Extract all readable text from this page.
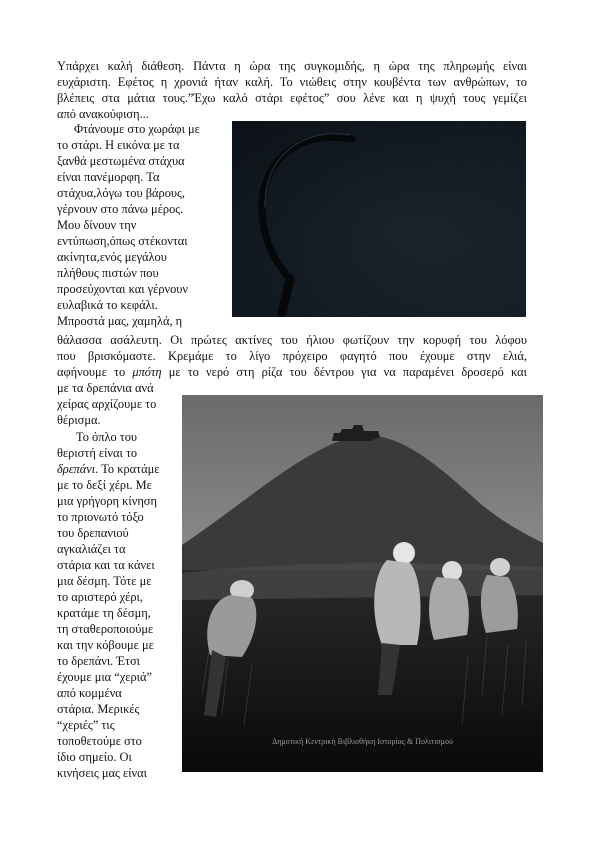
Υπάρχει καλή διάθεση. Πάντα η ώρα της συγκομιδής, η ώρα της πληρωμής είναι
ευχάριστη. Εφέτος η χρονιά ήταν καλή. Το νιώθεις στην κουβέντα των ανθρώπων, το
βλέπεις στα μάτια τους.”Έχω καλό στάρι εφέτος” σου λένε και η ψυχή τους γεμίζει
από ανακούφιση...
Φτάνουμε στο χωράφι με
το στάρι. Η εικόνα με τα
ξανθά μεστωμένα στάχυα
είναι πανέμορφη. Τα
στάχυα,λόγω του βάρους,
γέρνουν στο πάνω μέρος.
Μου δίνουν την
εντύπωση,όπως στέκονται
ακίνητα,ενός μεγάλου
πλήθους πιστών που
προσεύχονται και γέρνουν
ευλαβικά το κεφάλι.
Μπροστά μας, χαμηλά, η
θάλασσα ασάλευτη. Οι πρώτες ακτίνες του ήλιου φωτίζουν την κορυφή του λόφου
που βρισκόμαστε. Κρεμάμε το λίγο πρόχειρο φαγητό που έχουμε στην ελιά,
αφήνουμε το μπότη με το νερό στη ρίζα του δέντρου για να παραμένει δροσερό και
Δημοτική Κεντρική Βιβλιοθήκη Ιστορίας & Πολιτισμού
με τα δρεπάνια ανά
χείρας αρχίζουμε το
θέρισμα.
Το όπλο του
θεριστή είναι το
δρεπάνι. Το κρατάμε
με το δεξί χέρι. Με
μια γρήγορη κίνηση
το πριονωτό τόξο
του δρεπανιού
αγκαλιάζει τα
στάρια και τα κάνει
μια δέσμη. Τότε με
το αριστερό χέρι,
κρατάμε τη δέσμη,
τη σταθεροποιούμε
και την κόβουμε με
το δρεπάνι. Έτσι
έχουμε μια “χεριά”
από κομμένα
στάρια. Μερικές
“χεριές” τις
τοποθετούμε στο
ίδιο σημείο. Οι
κινήσεις μας είναι
